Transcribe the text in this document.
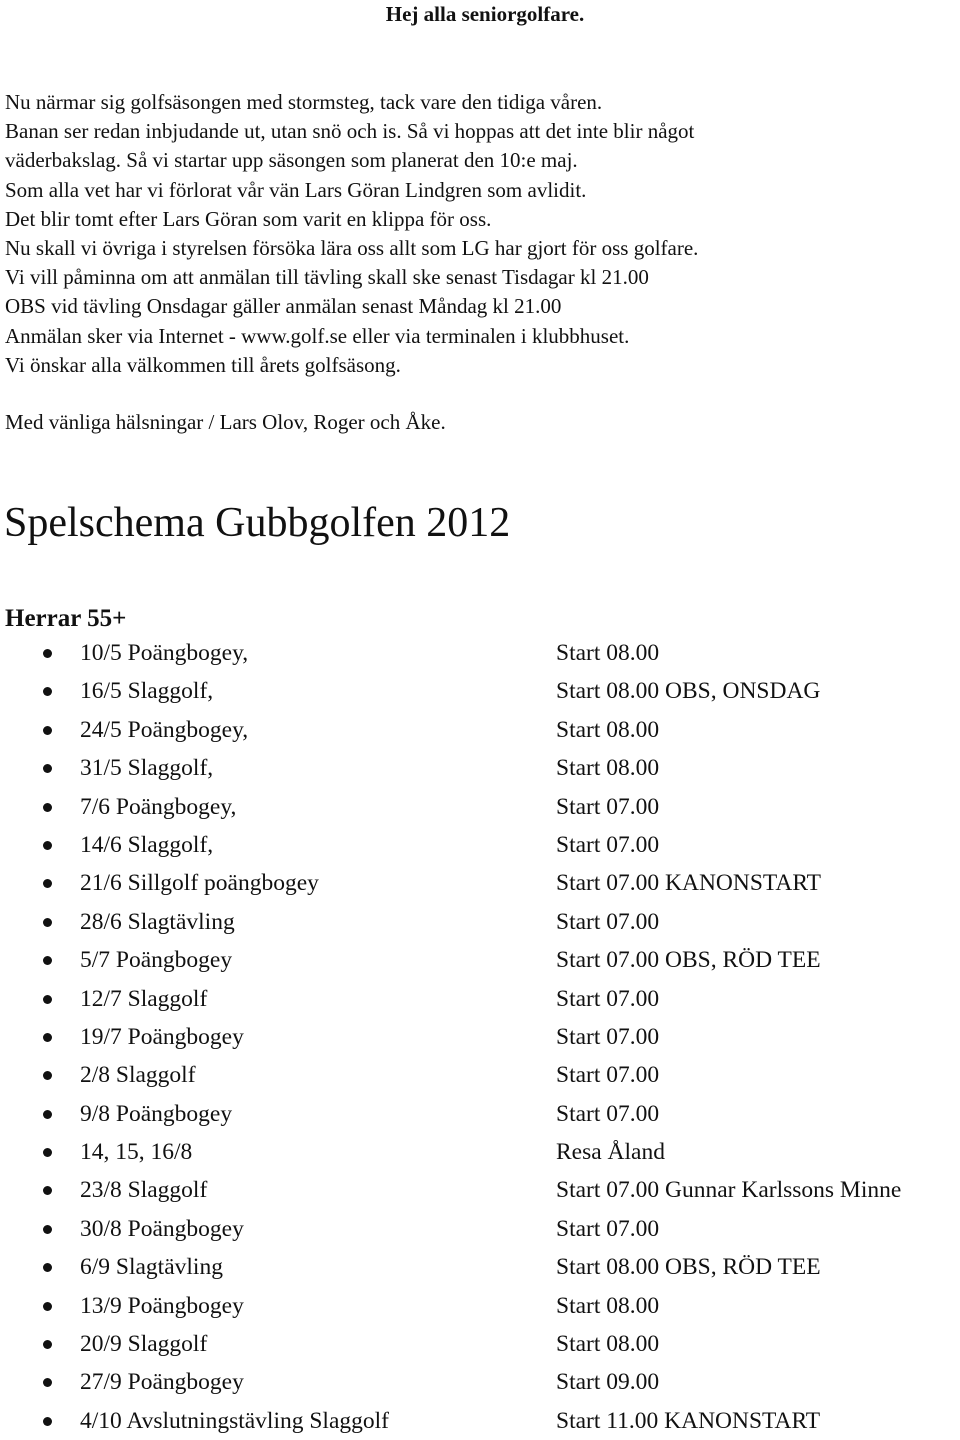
Hej alla seniorgolfare.

Nu närmar sig golfsäsongen med stormsteg, tack vare den tidiga våren.

Banan ser redan inbjudande ut, utan snö och is. Så vi hoppas att det inte blir något

väderbakslag. Så vi startar upp säsongen som planerat den 10:e maj.

Som alla vet har vi förlorat vår vän Lars Göran Lindgren som avlidit.

Det blir tomt efter Lars Göran som varit en klippa för oss.

Nu skall vi övriga i styrelsen försöka lära oss allt som LG har gjort för oss golfare.

Vi vill påminna om att anmälan till tävling skall ske senast Tisdagar kl 21.00

OBS vid tävling Onsdagar gäller anmälan senast Måndag kl 21.00

Anmälan sker via Internet - www.golf.se eller via terminalen i klubbhuset.

Vi önskar alla välkommen till årets golfsäsong.

Med vänliga hälsningar / Lars Olov, Roger och Åke.

Spelschema Gubbgolfen 2012
Herrar 55+
10/5 Poängbogey,	Start 08.00
16/5 Slaggolf,	Start 08.00 OBS, ONSDAG
24/5 Poängbogey,	Start 08.00
31/5 Slaggolf,	Start 08.00
7/6 Poängbogey,	Start 07.00
14/6 Slaggolf,	Start 07.00
21/6 Sillgolf poängbogey	Start 07.00 KANONSTART
28/6 Slagtävling	Start 07.00
5/7 Poängbogey	Start 07.00 OBS, RÖD TEE
12/7 Slaggolf	Start 07.00
19/7 Poängbogey	Start 07.00
2/8 Slaggolf	Start 07.00
9/8 Poängbogey	Start 07.00
14, 15, 16/8	Resa Åland
23/8 Slaggolf	Start 07.00 Gunnar Karlssons Minne
30/8 Poängbogey	Start 07.00
6/9 Slagtävling	Start 08.00 OBS, RÖD TEE
13/9 Poängbogey	Start 08.00
20/9 Slaggolf	Start 08.00
27/9 Poängbogey	Start 09.00
4/10 Avslutningstävling Slaggolf	Start 11.00 KANONSTART
